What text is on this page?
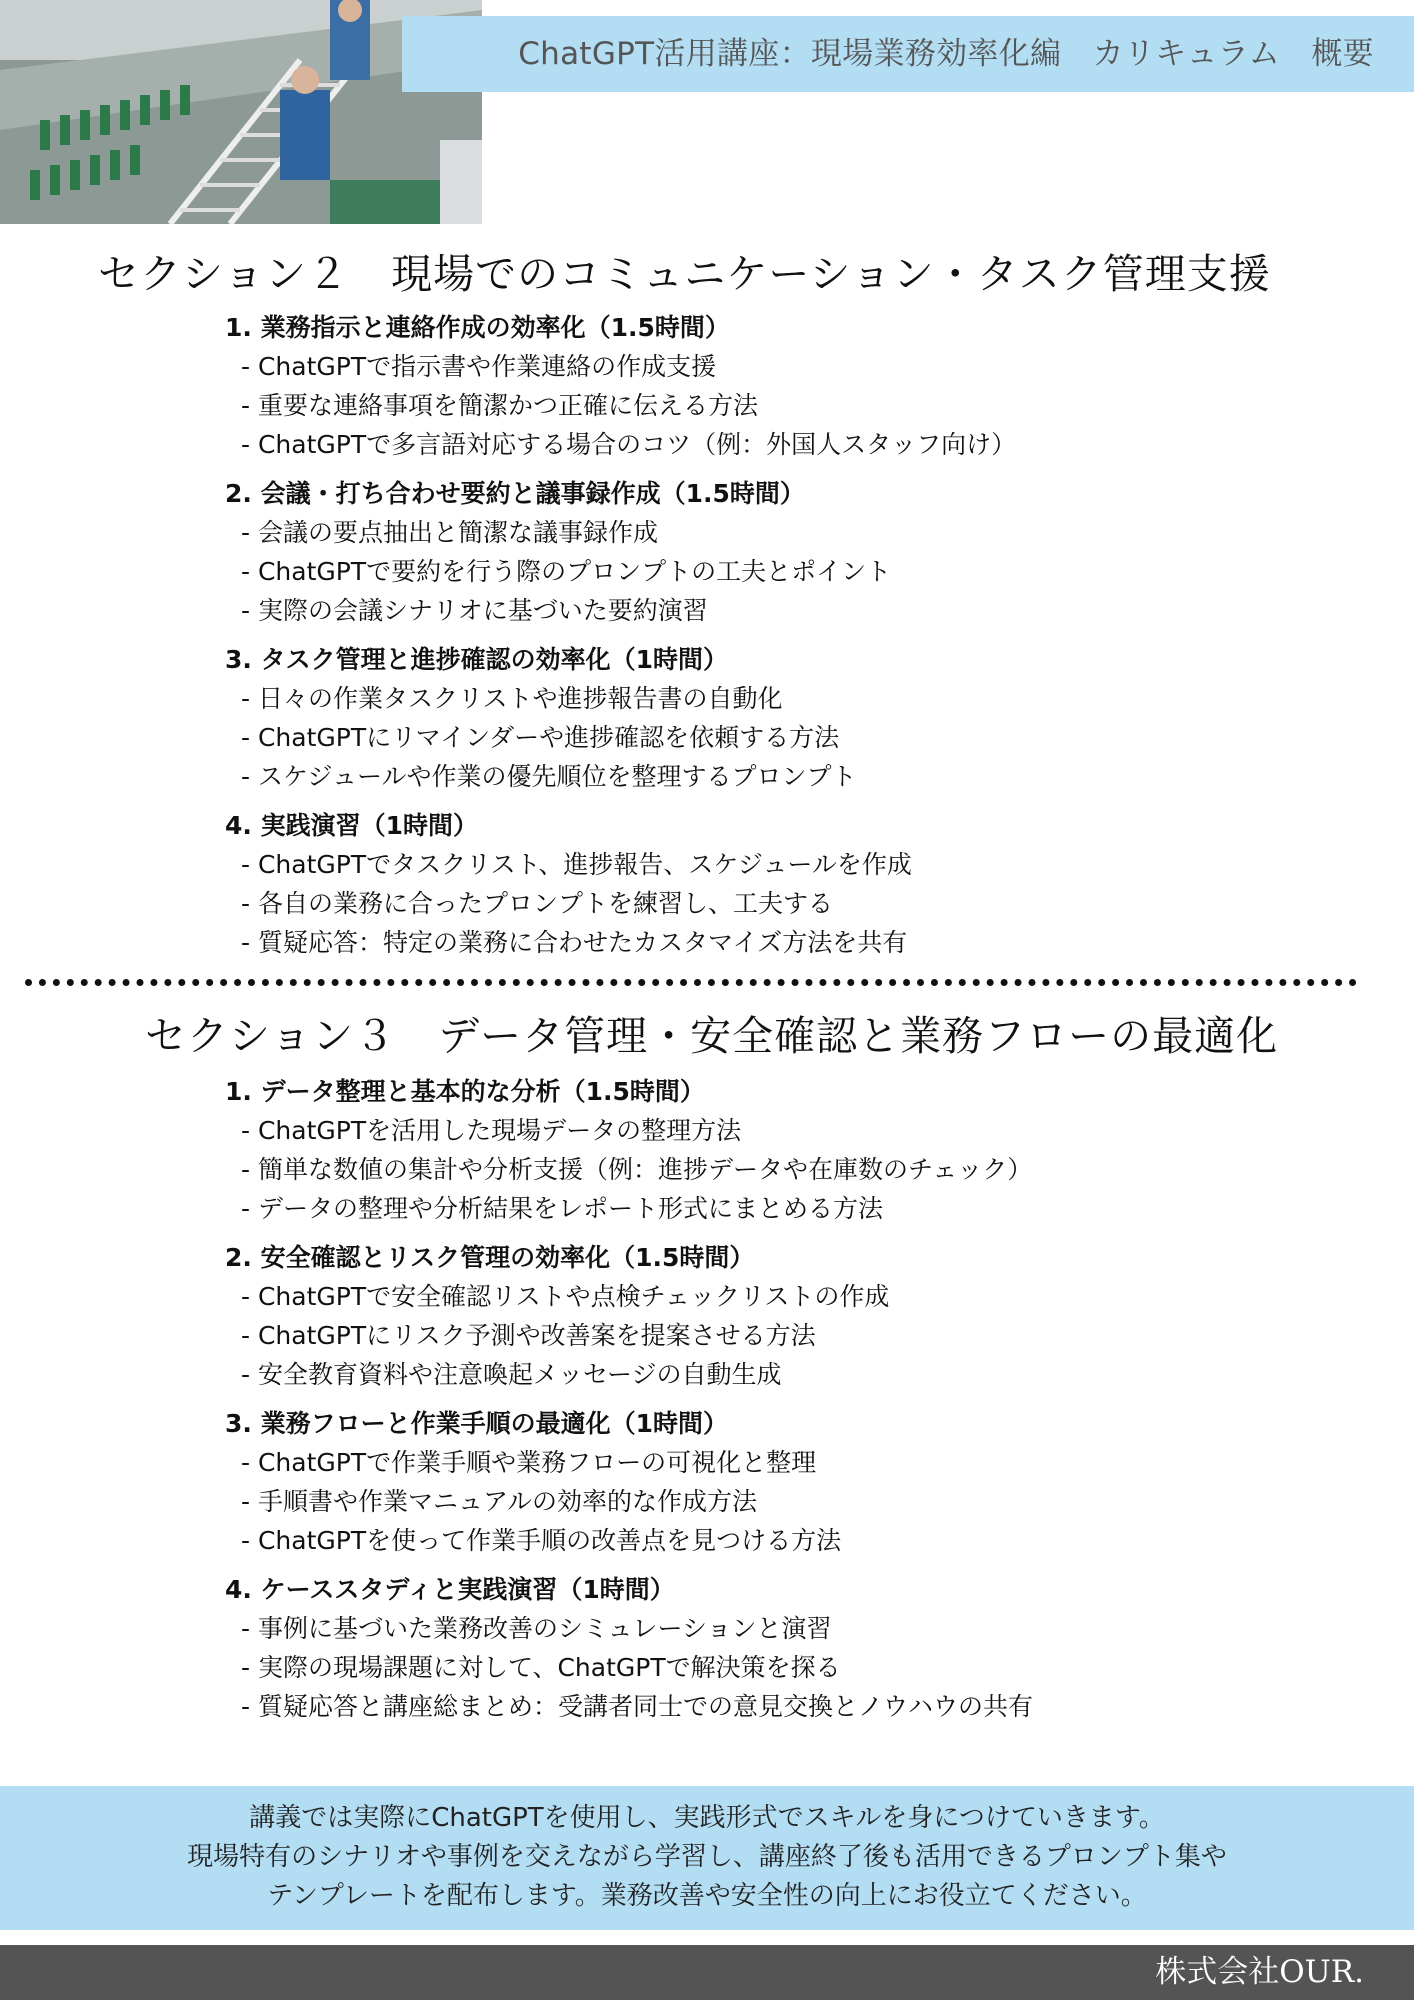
ChatGPT活用講座：現場業務効率化編　カリキュラム　概要
セクション２　現場でのコミュニケーション・タスク管理支援
1. 業務指示と連絡作成の効率化（1.5時間）
- ChatGPTで指示書や作業連絡の作成支援
- 重要な連絡事項を簡潔かつ正確に伝える方法
- ChatGPTで多言語対応する場合のコツ（例：外国人スタッフ向け）
2. 会議・打ち合わせ要約と議事録作成（1.5時間）
- 会議の要点抽出と簡潔な議事録作成
- ChatGPTで要約を行う際のプロンプトの工夫とポイント
- 実際の会議シナリオに基づいた要約演習
3. タスク管理と進捗確認の効率化（1時間）
- 日々の作業タスクリストや進捗報告書の自動化
- ChatGPTにリマインダーや進捗確認を依頼する方法
- スケジュールや作業の優先順位を整理するプロンプト
4. 実践演習（1時間）
- ChatGPTでタスクリスト、進捗報告、スケジュールを作成
- 各自の業務に合ったプロンプトを練習し、工夫する
- 質疑応答：特定の業務に合わせたカスタマイズ方法を共有
セクション３　データ管理・安全確認と業務フローの最適化
1. データ整理と基本的な分析（1.5時間）
- ChatGPTを活用した現場データの整理方法
- 簡単な数値の集計や分析支援（例：進捗データや在庫数のチェック）
- データの整理や分析結果をレポート形式にまとめる方法
2. 安全確認とリスク管理の効率化（1.5時間）
- ChatGPTで安全確認リストや点検チェックリストの作成
- ChatGPTにリスク予測や改善案を提案させる方法
- 安全教育資料や注意喚起メッセージの自動生成
3. 業務フローと作業手順の最適化（1時間）
- ChatGPTで作業手順や業務フローの可視化と整理
- 手順書や作業マニュアルの効率的な作成方法
- ChatGPTを使って作業手順の改善点を見つける方法
4. ケーススタディと実践演習（1時間）
- 事例に基づいた業務改善のシミュレーションと演習
- 実際の現場課題に対して、ChatGPTで解決策を探る
- 質疑応答と講座総まとめ：受講者同士での意見交換とノウハウの共有
講義では実際にChatGPTを使用し、実践形式でスキルを身につけていきます。
現場特有のシナリオや事例を交えながら学習し、講座終了後も活用できるプロンプト集や
テンプレートを配布します。業務改善や安全性の向上にお役立てください。
株式会社OUR.
